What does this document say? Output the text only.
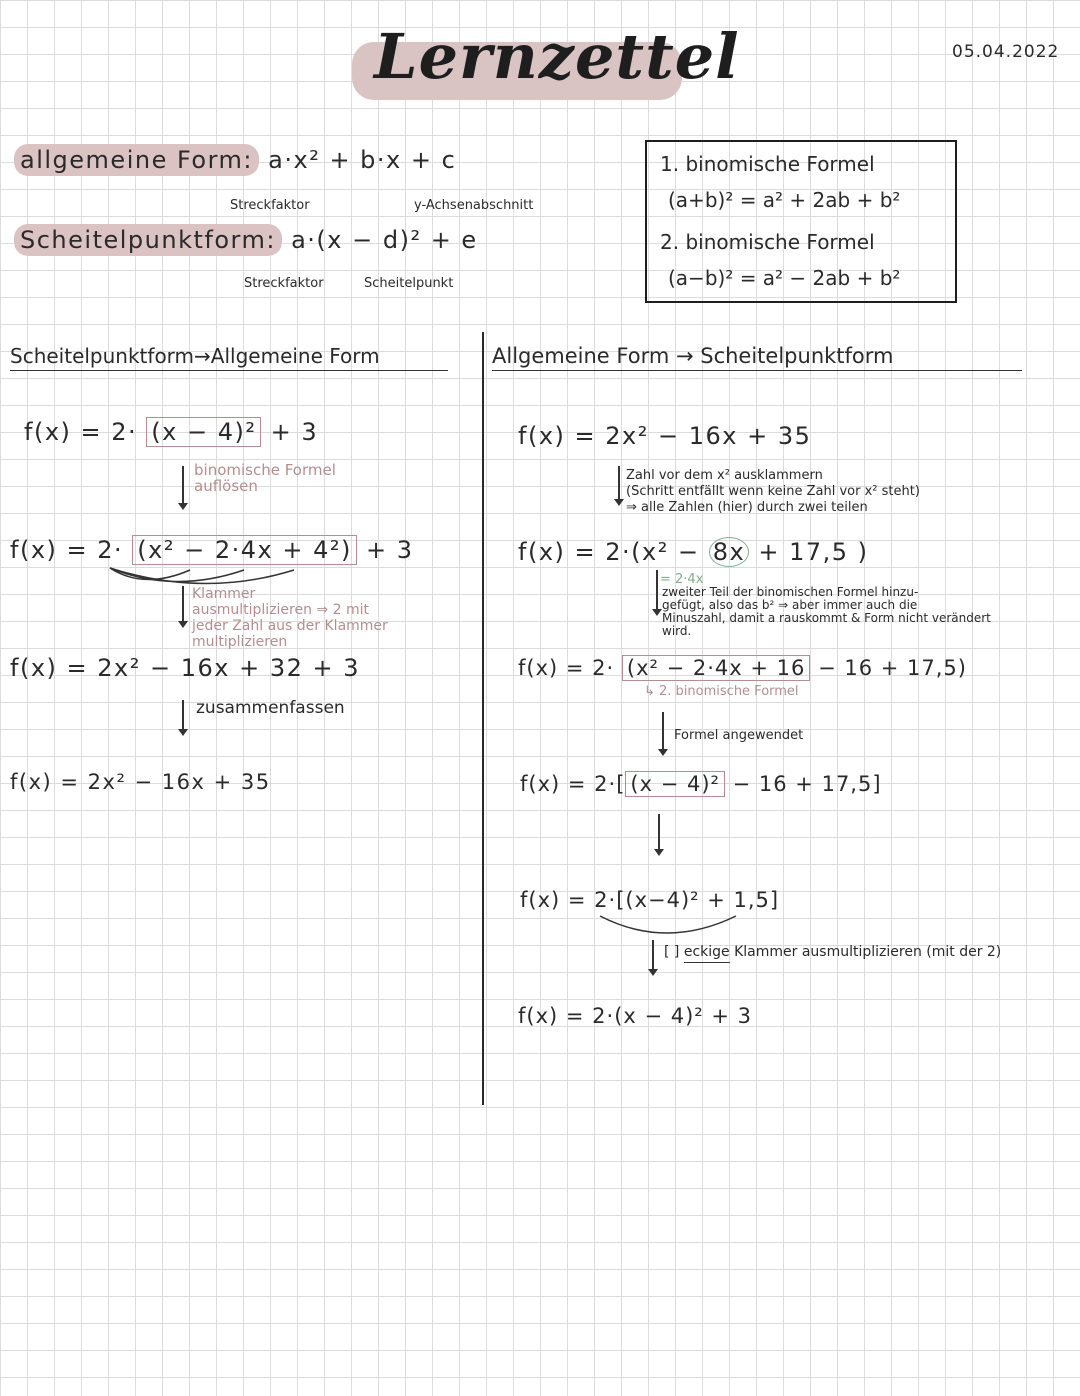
Lernzettel	05.04.2022
allgemeine Form: a·x² + b·x + c
Streckfaktor	y-Achsenabschnitt
Scheitelpunktform: a·(x − d)² + e
Streckfaktor	Scheitelpunkt
1. binomische Formel
(a+b)² = a² + 2ab + b²
2. binomische Formel
(a−b)² = a² − 2ab + b²
Scheitelpunktform→Allgemeine Form
f(x) = 2· (x − 4)² + 3
binomische Formel
auflösen
f(x) = 2· (x² − 2·4x + 4²) + 3
Klammer
ausmultiplizieren ⇒ 2 mit
jeder Zahl aus der Klammer
multiplizieren
f(x) = 2x² − 16x + 32 + 3
zusammenfassen
f(x) = 2x² − 16x + 35
Allgemeine Form → Scheitelpunktform
f(x) = 2x² − 16x + 35
Zahl vor dem x² ausklammern
(Schritt entfällt wenn keine Zahl vor x² steht)
⇒ alle Zahlen (hier) durch zwei teilen
f(x) = 2·(x² − 8x + 17,5 )
= 2·4x
zweiter Teil der binomischen Formel hinzu-
gefügt, also das b² ⇒ aber immer auch die
Minuszahl, damit a rauskommt & Form nicht verändert
wird.
f(x) = 2· (x² − 2·4x + 16 − 16 + 17,5)
↳ 2. binomische Formel
Formel angewendet
f(x) = 2·[ (x − 4)² − 16 + 17,5]
f(x) = 2·[(x−4)² + 1,5]
[ ] eckige Klammer ausmultiplizieren (mit der 2)
f(x) = 2·(x − 4)² + 3
